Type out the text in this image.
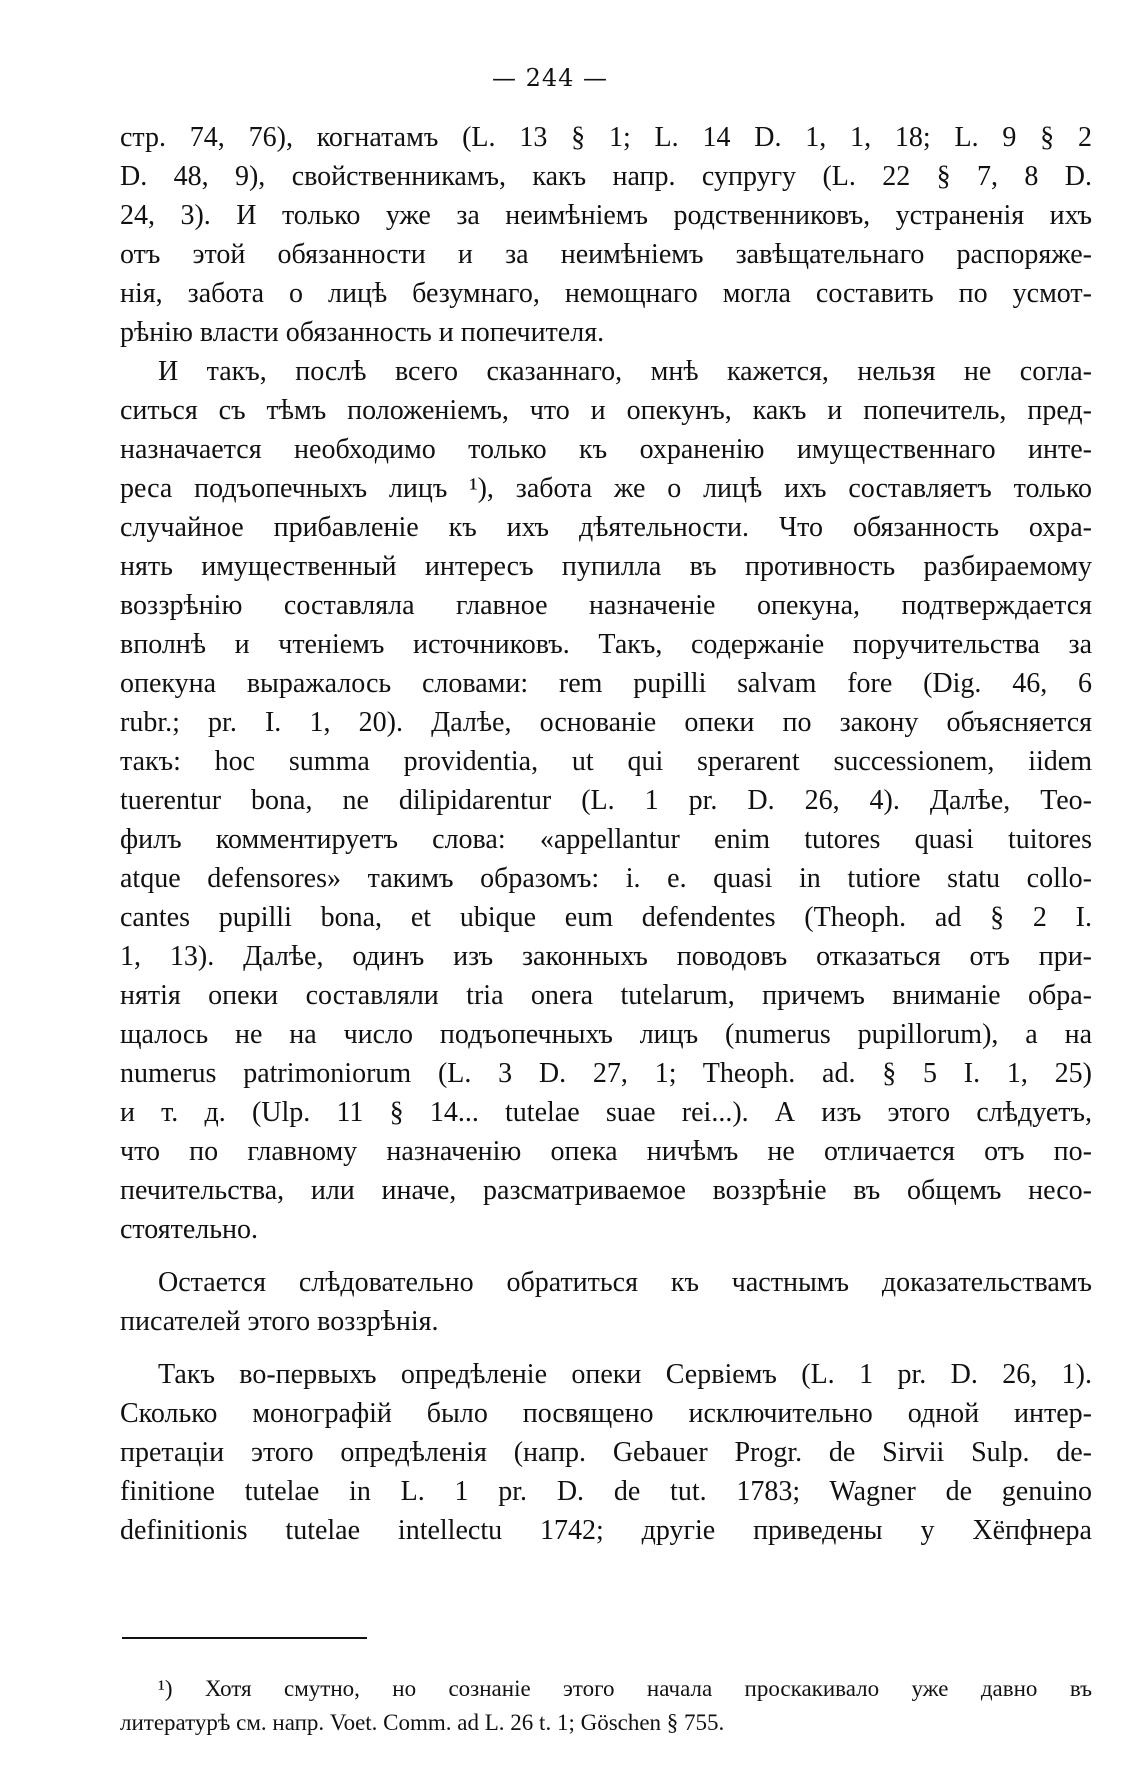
— 244 —
стр. 74, 76), когнатамъ (L. 13 § 1; L. 14 D. 1, 1, 18; L. 9 § 2
D. 48, 9), свойственникамъ, какъ напр. супругу (L. 22 § 7, 8 D.
24, 3). И только уже за неимѣніемъ родственниковъ, устраненія ихъ
отъ этой обязанности и за неимѣніемъ завѣщательнаго распоряже-
нія, забота о лицѣ безумнаго, немощнаго могла составить по усмот-
рѣнію власти обязанность и попечителя.
И такъ, послѣ всего сказаннаго, мнѣ кажется, нельзя не согла-
ситься съ тѣмъ положеніемъ, что и опекунъ, какъ и попечитель, пред-
назначается необходимо только къ охраненію имущественнаго инте-
реса подъопечныхъ лицъ ¹), забота же о лицѣ ихъ составляетъ только
случайное прибавленіе къ ихъ дѣятельности. Что обязанность охра-
нять имущественный интересъ пупилла въ противность разбираемому
воззрѣнію составляла главное назначеніе опекуна, подтверждается
вполнѣ и чтеніемъ источниковъ. Такъ, содержаніе поручительства за
опекуна выражалось словами: rem pupilli salvam fore (Dig. 46, 6
rubr.; pr. I. 1, 20). Далѣе, основаніе опеки по закону объясняется
такъ: hoc summa providentia, ut qui sperarent successionem, iidem
tuerentur bona, ne dilipidarentur (L. 1 pr. D. 26, 4). Далѣе, Тео-
филъ комментируетъ слова: «appellantur enim tutores quasi tuitores
atque defensores» такимъ образомъ: i. e. quasi in tutiore statu collo-
cantes pupilli bona, et ubique eum defendentes (Theoph. ad § 2 I.
1, 13). Далѣе, одинъ изъ законныхъ поводовъ отказаться отъ при-
нятія опеки составляли tria onera tutelarum, причемъ вниманіе обра-
щалось не на число подъопечныхъ лицъ (numerus pupillorum), а на
numerus patrimoniorum (L. 3 D. 27, 1; Theoph. ad. § 5 I. 1, 25)
и т. д. (Ulp. 11 § 14... tutelae suae rei...). А изъ этого слѣдуетъ,
что по главному назначенію опека ничѣмъ не отличается отъ по-
печительства, или иначе, разсматриваемое воззрѣніе въ общемъ несо-
стоятельно.
Остается слѣдовательно обратиться къ частнымъ доказательствамъ
писателей этого воззрѣнія.
Такъ во-первыхъ опредѣленіе опеки Сервіемъ (L. 1 pr. D. 26, 1).
Сколько монографій было посвящено исключительно одной интер-
претаціи этого опредѣленія (напр. Gebauer Progr. de Sirvii Sulp. de-
finitione tutelae in L. 1 pr. D. de tut. 1783; Wagner de genuino
definitionis tutelae intellectu 1742; другіе приведены у Хёпфнера
¹) Хотя смутно, но сознаніе этого начала проскакивало уже давно въ
литературѣ см. напр. Voet. Comm. ad L. 26 t. 1; Göschen § 755.
